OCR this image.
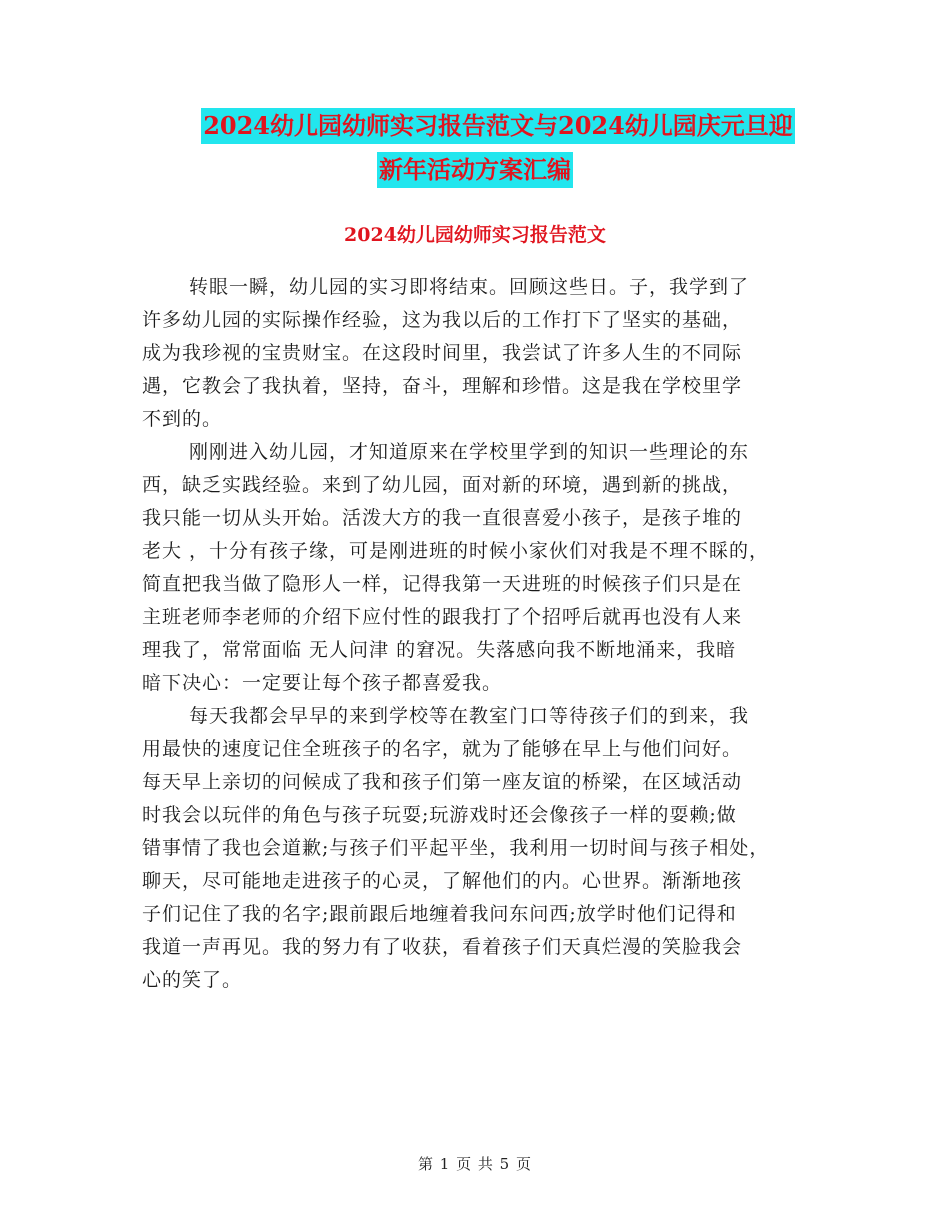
2024幼儿园幼师实习报告范文与2024幼儿园庆元旦迎
新年活动方案汇编
2024幼儿园幼师实习报告范文
转眼一瞬，幼儿园的实习即将结束。回顾这些日。子，我学到了
许多幼儿园的实际操作经验，这为我以后的工作打下了坚实的基础，
成为我珍视的宝贵财宝。在这段时间里，我尝试了许多人生的不同际
遇，它教会了我执着，坚持，奋斗，理解和珍惜。这是我在学校里学
不到的。
刚刚进入幼儿园，才知道原来在学校里学到的知识一些理论的东
西，缺乏实践经验。来到了幼儿园，面对新的环境，遇到新的挑战，
我只能一切从头开始。活泼大方的我一直很喜爱小孩子，是孩子堆的
老大 ，十分有孩子缘，可是刚进班的时候小家伙们对我是不理不睬的，
简直把我当做了隐形人一样，记得我第一天进班的时候孩子们只是在
主班老师李老师的介绍下应付性的跟我打了个招呼后就再也没有人来
理我了，常常面临 无人问津 的窘况。失落感向我不断地涌来，我暗
暗下决心：一定要让每个孩子都喜爱我。
每天我都会早早的来到学校等在教室门口等待孩子们的到来，我
用最快的速度记住全班孩子的名字，就为了能够在早上与他们问好。
每天早上亲切的问候成了我和孩子们第一座友谊的桥梁，在区域活动
时我会以玩伴的角色与孩子玩耍;玩游戏时还会像孩子一样的耍赖;做
错事情了我也会道歉;与孩子们平起平坐，我利用一切时间与孩子相处，
聊天，尽可能地走进孩子的心灵，了解他们的内。心世界。渐渐地孩
子们记住了我的名字;跟前跟后地缠着我问东问西;放学时他们记得和
我道一声再见。我的努力有了收获，看着孩子们天真烂漫的笑脸我会
心的笑了。
第 1 页 共 5 页
